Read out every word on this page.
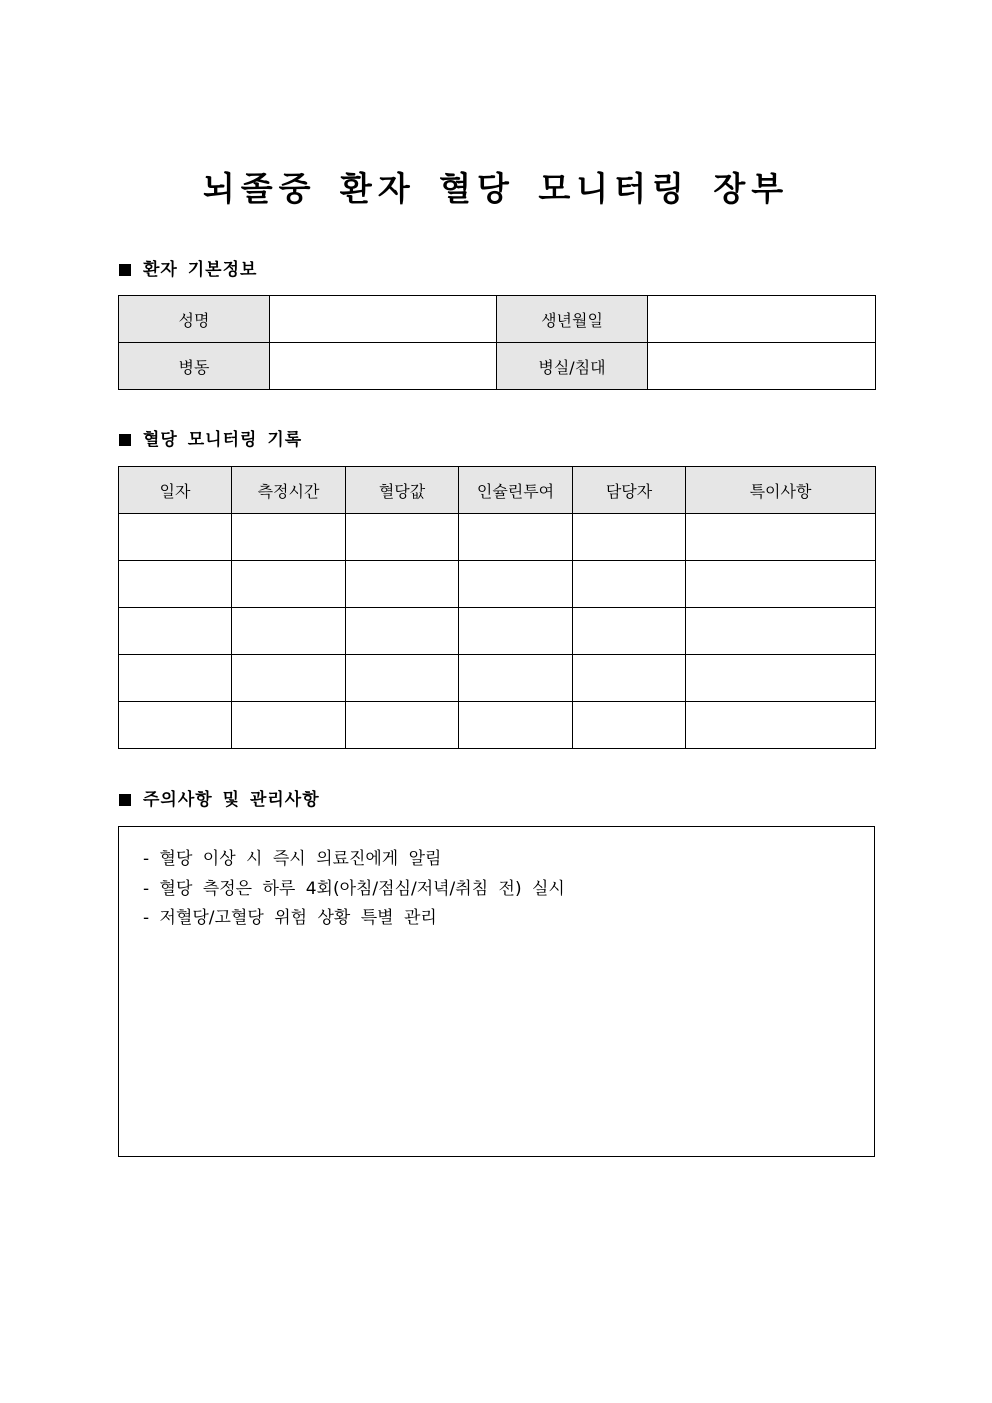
뇌졸중 환자 혈당 모니터링 장부
환자 기본정보
성명		생년월일	
병동		병실/침대	
혈당 모니터링 기록
일자	측정시간	혈당값	인슐린투여	담당자	특이사항

주의사항 및 관리사항
- 혈당 이상 시 즉시 의료진에게 알림
- 혈당 측정은 하루 4회(아침/점심/저녁/취침 전) 실시
- 저혈당/고혈당 위험 상황 특별 관리
